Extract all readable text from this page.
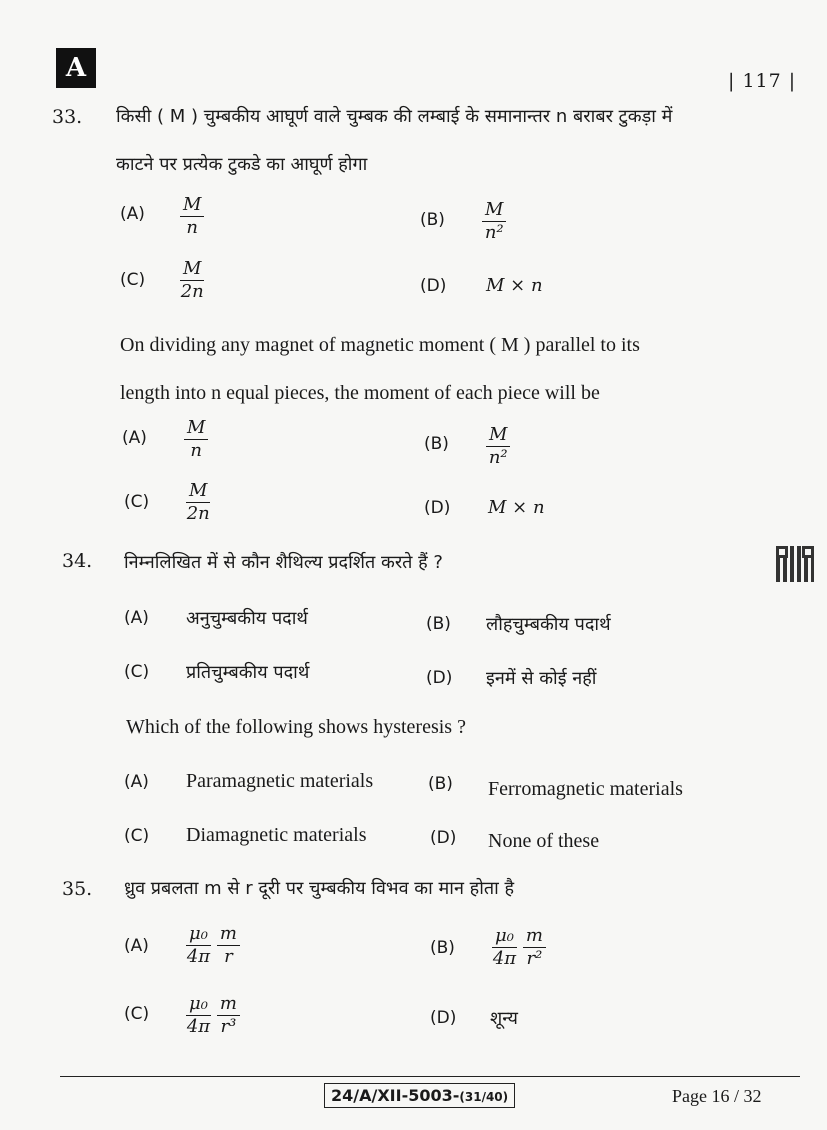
A	| 117 |
33. किसी ( M ) चुम्बकीय आघूर्ण वाले चुम्बक की लम्बाई के समानान्तर n बराबर टुकड़ा में
काटने पर प्रत्येक टुकडे का आघूर्ण होगा
$(A) \frac{M}{n}$	$(B) \frac{M}{\text{n²}}$
$(C) \frac{M}{2n}$	(D) M × n
On dividing any magnet of magnetic moment ( M ) parallel to its
length into n equal pieces, the moment of each piece will be
$(A) \frac{M}{n}$	$(B) \frac{M}{\text{n²}}$
$(C) \frac{M}{2n}$	(D) M × n
34. निम्नलिखित में से कौन शैथिल्य प्रदर्शित करते हैं ?
(A) अनुचुम्बकीय पदार्थ	(B) लौहचुम्बकीय पदार्थ
(C) प्रतिचुम्बकीय पदार्थ	(D) इनमें से कोई नहीं
Which of the following shows hysteresis ?
(A) Paramagnetic materials	(B) Ferromagnetic materials
(C) Diamagnetic materials	(D) None of these
35. ध्रुव प्रबलता m से r दूरी पर चुम्बकीय विभव का मान होता है
$(A) \frac{\text{μ₀}}{4\pi} \frac{m}{r}$	$(B) \frac{\text{μ₀}}{4\pi} \frac{m}{\text{r²}}$
$(C) \frac{\text{μ₀}}{4\pi} \frac{m}{\text{r³}}$	(D) शून्य
24/A/XII-5003-(31/40)	Page 16 / 32
